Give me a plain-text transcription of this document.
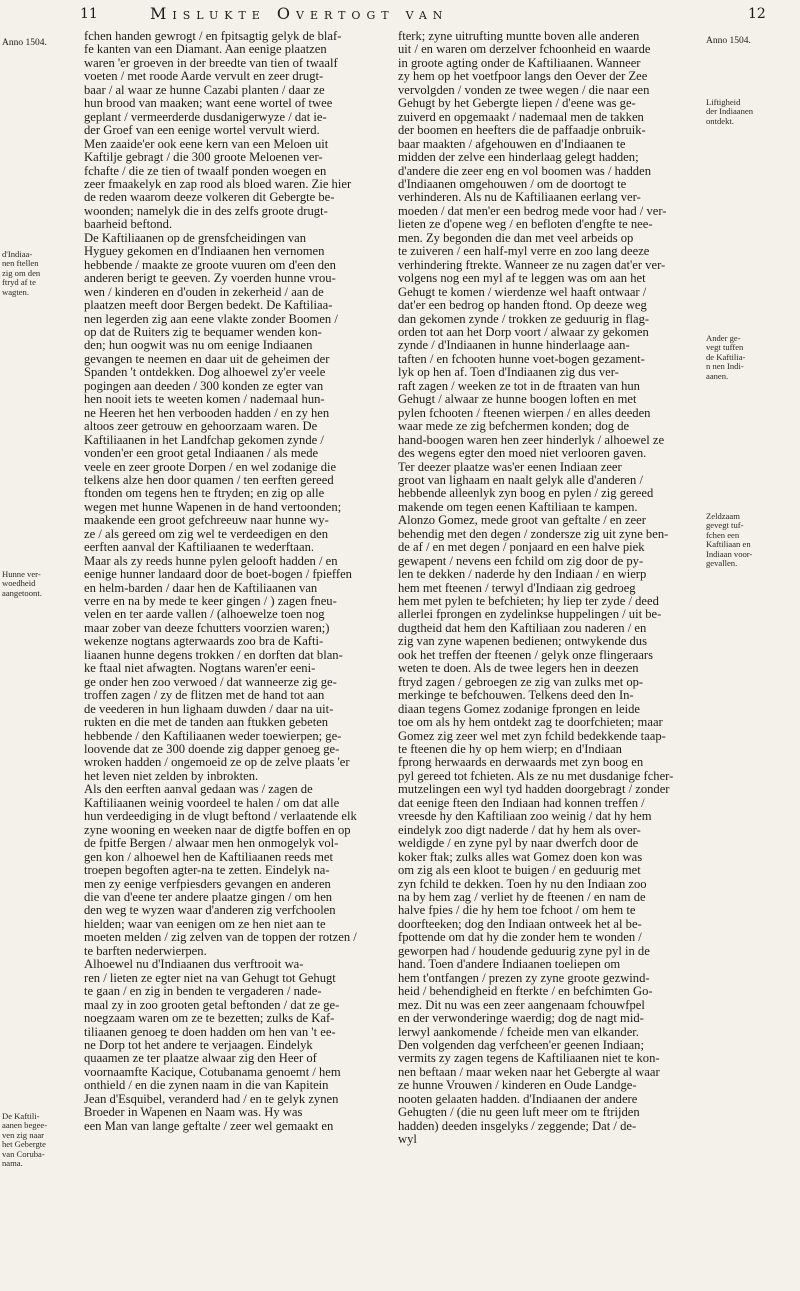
11	Mislukte Overtogt van	12
Anno 1504.
d'Indiaa-
nen ftellen
zig om den
ftryd af te
wagten.
Hunne ver-
woedheid
aangetoont.
De Kaftili-
aanen begee-
ven zig naar
het Gebergte
van Coruba-
nama.
Anno 1504.
Liftigheid
der Indiaanen
ontdekt.
Ander ge-
vegt tuffen
de Kaftilia-
n nen Indi-
aanen.
Zeldzaam
gevegt tuf-
fchen een
Kaftiliaan en
Indiaan voor-
gevallen.

fchen handen gewrogt / en fpitsagtig gelyk de blaf-

fe kanten van een Diamant. Aan eenige plaatzen

waren 'er groeven in der breedte van tien of twaalf

voeten / met roode Aarde vervult en zeer drugt-

baar / al waar ze hunne Cazabi planten / daar ze

hun brood van maaken; want eene wortel of twee

geplant / vermeerderde dusdanigerwyze / dat ie-

der Groef van een eenige wortel vervult wierd.

Men zaaide'er ook eene kern van een Meloen uit

Kaftilje gebragt / die 300 groote Meloenen ver-

fchafte / die ze tien of twaalf ponden woegen en

zeer fmaakelyk en zap rood als bloed waren. Zie hier

de reden waarom deeze volkeren dit Gebergte be-

woonden; namelyk die in des zelfs groote drugt-

baarheid beftond.

De Kaftiliaanen op de grensfcheidingen van

Hyguey gekomen en d'Indiaanen hen vernomen

hebbende / maakte ze groote vuuren om d'een den

anderen berigt te geeven. Zy voerden hunne vrou-

wen / kinderen en d'ouden in zekerheid / aan de

plaatzen meeft door Bergen bedekt. De Kaftiliaa-

nen legerden zig aan eene vlakte zonder Boomen /

op dat de Ruiters zig te bequamer wenden kon-

den; hun oogwit was nu om eenige Indiaanen

gevangen te neemen en daar uit de geheimen der

Spanden 't ontdekken. Dog alhoewel zy'er veele

pogingen aan deeden / 300 konden ze egter van

hen nooit iets te weeten komen / nademaal hun-

ne Heeren het hen verbooden hadden / en zy hen

altoos zeer getrouw en gehoorzaam waren. De

Kaftiliaanen in het Landfchap gekomen zynde /

vonden'er een groot getal Indiaanen / als mede

veele en zeer groote Dorpen / en wel zodanige die

telkens alze hen door quamen / ten eerften gereed

ftonden om tegens hen te ftryden; en zig op alle

wegen met hunne Wapenen in de hand vertoonden;

maakende een groot gefchreeuw naar hunne wy-

ze / als gereed om zig wel te verdeedigen en den

eerften aanval der Kaftiliaanen te wederftaan.

Maar als zy reeds hunne pylen gelooft hadden / en

eenige hunner landaard door de boet-bogen / fpieffen

en helm-barden / daar hen de Kaftiliaanen van

verre en na by mede te keer gingen / ) zagen fneu-

velen en ter aarde vallen / (alhoewelze toen nog

maar zober van deeze fchutters voorzien waren;)

wekenze nogtans agterwaards zoo bra de Kafti-

liaanen hunne degens trokken / en dorften dat blan-

ke ftaal niet afwagten. Nogtans waren'er eeni-

ge onder hen zoo verwoed / dat wanneerze zig ge-

troffen zagen / zy de flitzen met de hand tot aan

de veederen in hun lighaam duwden / daar na uit-

rukten en die met de tanden aan ftukken gebeten

hebbende / den Kaftiliaanen weder toewierpen; ge-

loovende dat ze 300 doende zig dapper genoeg ge-

wroken hadden / ongemoeid ze op de zelve plaats 'er

het leven niet zelden by inbrokten.

Als den eerften aanval gedaan was / zagen de

Kaftiliaanen weinig voordeel te halen / om dat alle

hun verdeediging in de vlugt beftond / verlaatende elk

zyne wooning en weeken naar de digtfe boffen en op

de fpitfe Bergen / alwaar men hen onmogelyk vol-

gen kon / alhoewel hen de Kaftiliaanen reeds met

troepen begoften agter-na te zetten. Eindelyk na-

men zy eenige verfpiesders gevangen en anderen

die van d'eene ter andere plaatze gingen / om hen

den weg te wyzen waar d'anderen zig verfchoolen

hielden; waar van eenigen om ze hen niet aan te

moeten melden / zig zelven van de toppen der rotzen /

te barften nederwierpen.

Alhoewel nu d'Indiaanen dus verftrooit wa-

ren / lieten ze egter niet na van Gehugt tot Gehugt

te gaan / en zig in benden te vergaderen / nade-

maal zy in zoo grooten getal beftonden / dat ze ge-

noegzaam waren om ze te bezetten; zulks de Kaf-

tiliaanen genoeg te doen hadden om hen van 't ee-

ne Dorp tot het andere te verjaagen. Eindelyk

quaamen ze ter plaatze alwaar zig den Heer of

voornaamfte Kacique, Cotubanama genoemt / hem

onthield / en die zynen naam in die van Kapitein

Jean d'Esquibel, veranderd had / en te gelyk zynen

Broeder in Wapenen en Naam was. Hy was

een Man van lange geftalte / zeer wel gemaakt en

fterk; zyne uitrufting muntte boven alle anderen

uit / en waren om derzelver fchoonheid en waarde

in groote agting onder de Kaftiliaanen. Wanneer

zy hem op het voetfpoor langs den Oever der Zee

vervolgden / vonden ze twee wegen / die naar een

Gehugt by het Gebergte liepen / d'eene was ge-

zuiverd en opgemaakt / nademaal men de takken

der boomen en heefters die de paffaadje onbruik-

baar maakten / afgehouwen en d'Indiaanen te

midden der zelve een hinderlaag gelegt hadden;

d'andere die zeer eng en vol boomen was / hadden

d'Indiaanen omgehouwen / om de doortogt te

verhinderen. Als nu de Kaftiliaanen eerlang ver-

moeden / dat men'er een bedrog mede voor had / ver-

lieten ze d'opene weg / en befloten d'engfte te nee-

men. Zy begonden die dan met veel arbeids op

te zuiveren / een half-myl verre en zoo lang deeze

verhindering ftrekte. Wanneer ze nu zagen dat'er ver-

volgens nog een myl af te leggen was om aan het

Gehugt te komen / wierdenze wel haaft ontwaar /

dat'er een bedrog op handen ftond. Op deeze weg

dan gekomen zynde / trokken ze geduurig in flag-

orden tot aan het Dorp voort / alwaar zy gekomen

zynde / d'Indiaanen in hunne hinderlaage aan-

taften / en fchooten hunne voet-bogen gezament-

lyk op hen af. Toen d'Indiaanen zig dus ver-

raft zagen / weeken ze tot in de ftraaten van hun

Gehugt / alwaar ze hunne boogen loften en met

pylen fchooten / fteenen wierpen / en alles deeden

waar mede ze zig befchermen konden; dog de

hand-boogen waren hen zeer hinderlyk / alhoewel ze

des wegens egter den moed niet verlooren gaven.

Ter deezer plaatze was'er eenen Indiaan zeer

groot van lighaam en naalt gelyk alle d'anderen /

hebbende alleenlyk zyn boog en pylen / zig gereed

makende om tegen eenen Kaftiliaan te kampen.

Alonzo Gomez, mede groot van geftalte / en zeer

behendig met den degen / zondersze zig uit zyne ben-

de af / en met degen / ponjaard en een halve piek

gewapent / nevens een fchild om zig door de py-

len te dekken / naderde hy den Indiaan / en wierp

hem met fteenen / terwyl d'Indiaan zig gedroeg

hem met pylen te befchieten; hy liep ter zyde / deed

allerlei fprongen en zydelinkse huppelingen / uit be-

dugtheid dat hem den Kaftiliaan zou naderen / en

zig van zyne wapenen bedienen; ontwykende dus

ook het treffen der fteenen / gelyk onze flingeraars

weten te doen. Als de twee legers hen in deezen

ftryd zagen / gebroegen ze zig van zulks met op-

merkinge te befchouwen. Telkens deed den In-

diaan tegens Gomez zodanige fprongen en leide

toe om als hy hem ontdekt zag te doorfchieten; maar

Gomez zig zeer wel met zyn fchild bedekkende taap-

te fteenen die hy op hem wierp; en d'Indiaan

fprong herwaards en derwaards met zyn boog en

pyl gereed tot fchieten. Als ze nu met dusdanige fcher-

mutzelingen een wyl tyd hadden doorgebragt / zonder

dat eenige fteen den Indiaan had konnen treffen /

vreesde hy den Kaftiliaan zoo weinig / dat hy hem

eindelyk zoo digt naderde / dat hy hem als over-

weldigde / en zyne pyl by naar dwerfch door de

koker ftak; zulks alles wat Gomez doen kon was

om zig als een kloot te buigen / en geduurig met

zyn fchild te dekken. Toen hy nu den Indiaan zoo

na by hem zag / verliet hy de fteenen / en nam de

halve fpies / die hy hem toe fchoot / om hem te

doorfteeken; dog den Indiaan ontweek het al be-

fpottende om dat hy die zonder hem te wonden /

geworpen had / houdende geduurig zyne pyl in de

hand. Toen d'andere Indiaanen toeliepen om

hem t'ontfangen / prezen zy zyne groote gezwind-

heid / behendigheid en fterkte / en befchimten Go-

mez. Dit nu was een zeer aangenaam fchouwfpel

en der verwonderinge waerdig; dog de nagt mid-

lerwyl aankomende / fcheide men van elkander.

Den volgenden dag verfcheen'er geenen Indiaan;

vermits zy zagen tegens de Kaftiliaanen niet te kon-

nen beftaan / maar weken naar het Gebergte al waar

ze hunne Vrouwen / kinderen en Oude Landge-

nooten gelaaten hadden. d'Indiaanen der andere

Gehugten / (die nu geen luft meer om te ftrijden

hadden) deeden insgelyks / zeggende; Dat / de-

wyl
